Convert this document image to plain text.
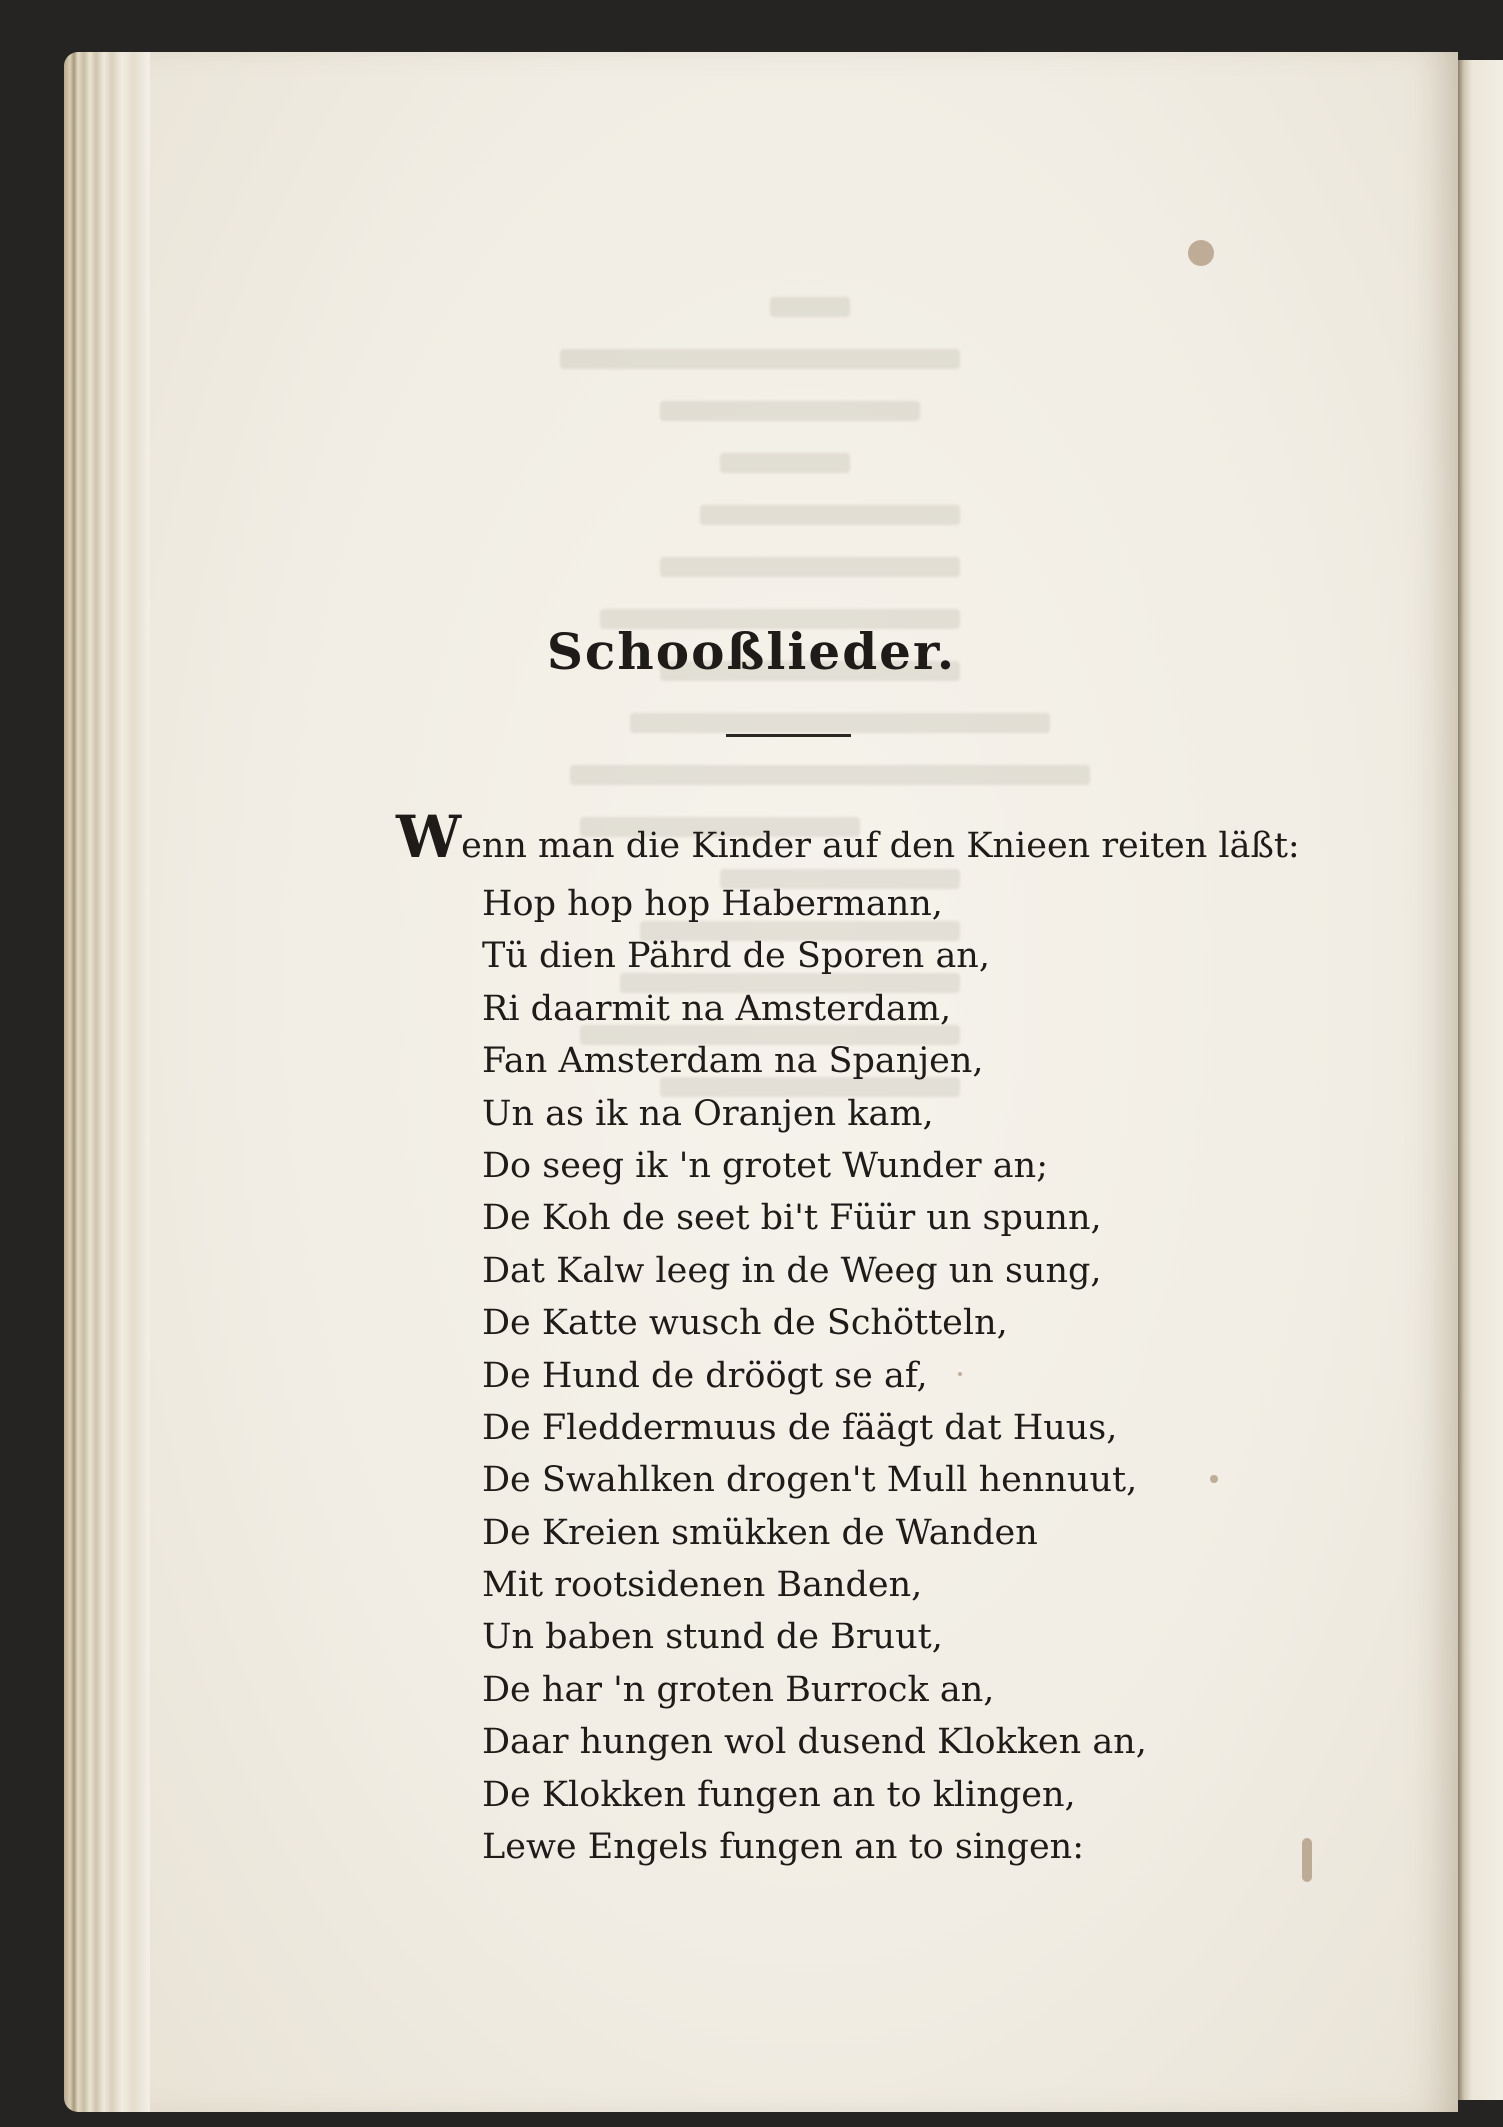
Schooßlieder.

Wenn man die Kinder auf den Knieen reiten läßt:

Hop hop hop Habermann,
Tü dien Pährd de Sporen an,
Ri daarmit na Amsterdam,
Fan Amsterdam na Spanjen,
Un as ik na Oranjen kam,
Do seeg ik 'n grotet Wunder an;
De Koh de seet bi't Füür un spunn,
Dat Kalw leeg in de Weeg un sung,
De Katte wusch de Schötteln,
De Hund de dröögt se af,
De Fleddermuus de fäägt dat Huus,
De Swahlken drogen't Mull hennuut,
De Kreien smükken de Wanden
Mit rootsidenen Banden,
Un baben stund de Bruut,
De har 'n groten Burrock an,
Daar hungen wol dusend Klokken an,
De Klokken fungen an to klingen,
Lewe Engels fungen an to singen:
